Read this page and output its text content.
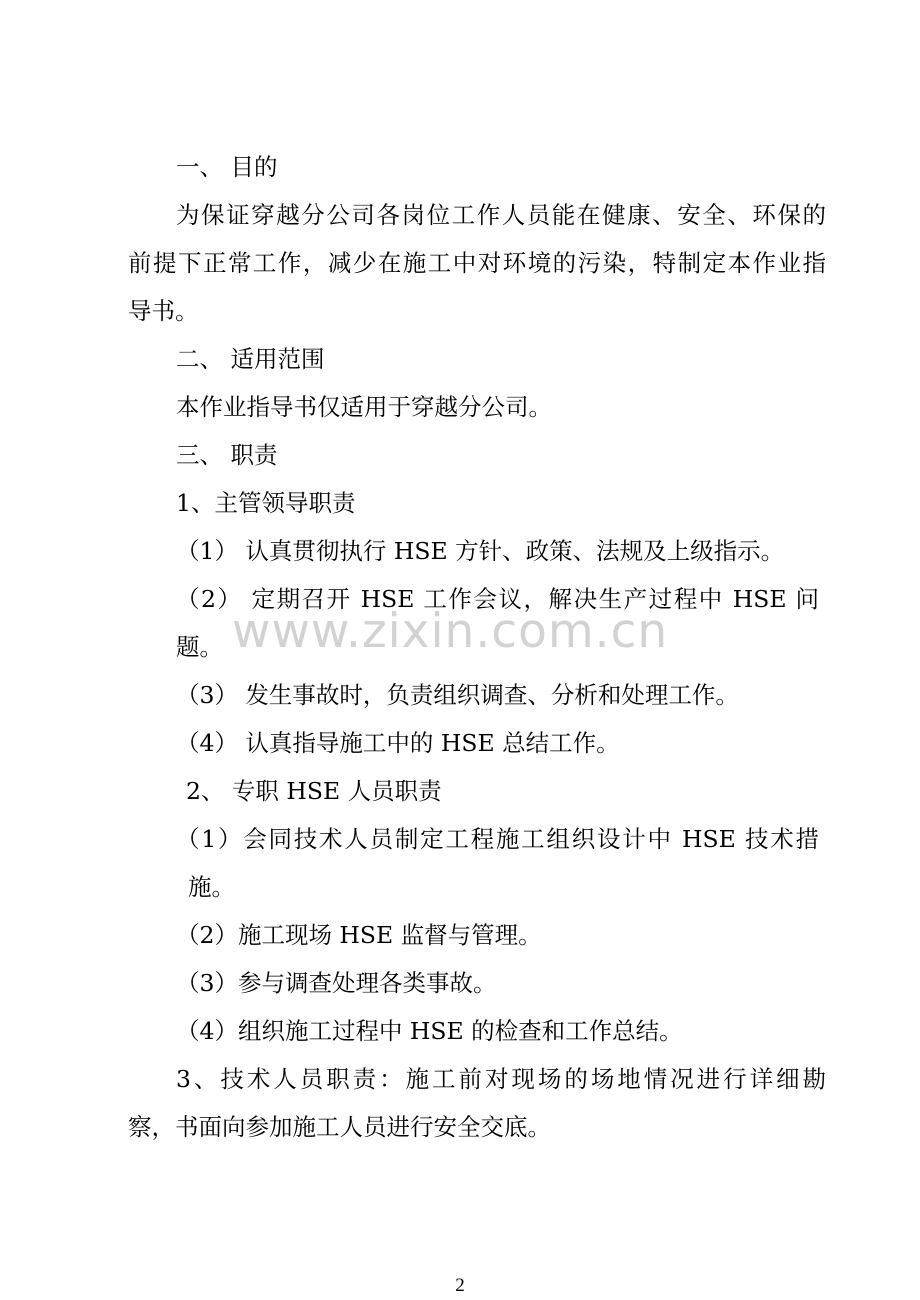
一、 目的
为保证穿越分公司各岗位工作人员能在健康、安全、环保的
前提下正常工作，减少在施工中对环境的污染，特制定本作业指
导书。
二、 适用范围
本作业指导书仅适用于穿越分公司。
三、 职责
1、主管领导职责
（1） 认真贯彻执行 HSE 方针、政策、法规及上级指示。
（2） 定期召开 HSE 工作会议，解决生产过程中 HSE 问
题。
（3） 发生事故时，负责组织调查、分析和处理工作。
（4） 认真指导施工中的 HSE 总结工作。
2、 专职 HSE 人员职责
（1）会同技术人员制定工程施工组织设计中 HSE 技术措
施。
（2）施工现场 HSE 监督与管理。
（3）参与调查处理各类事故。
（4）组织施工过程中 HSE 的检查和工作总结。
3、技术人员职责：施工前对现场的场地情况进行详细勘
察，书面向参加施工人员进行安全交底。
www.zixin.com.cn
2
